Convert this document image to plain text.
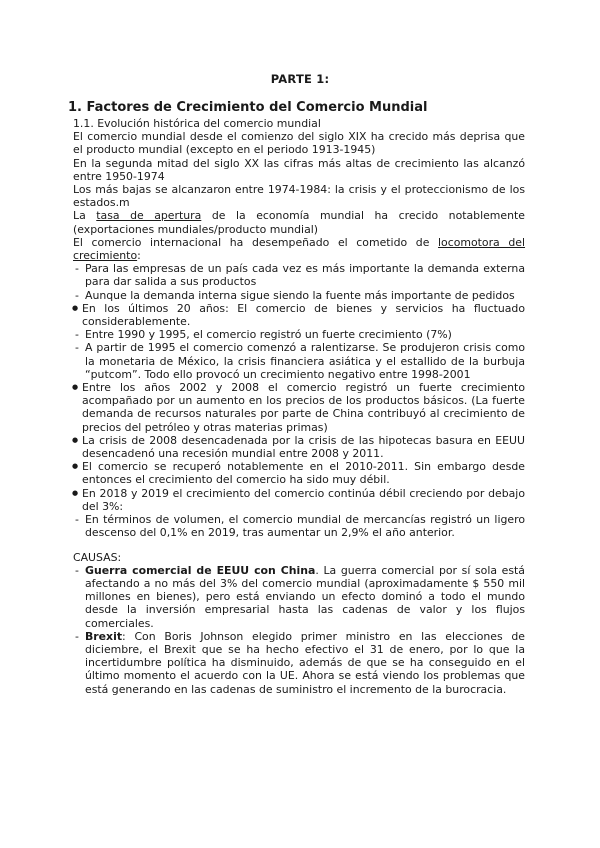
PARTE 1:
1. Factores de Crecimiento del Comercio Mundial

1.1. Evolución histórica del comercio mundial

El comercio mundial desde el comienzo del siglo XIX ha crecido más deprisa que el producto mundial (excepto en el periodo 1913-1945)

En la segunda mitad del siglo XX las cifras más altas de crecimiento las alcanzó entre 1950-1974

Los más bajas se alcanzaron entre 1974-1984: la crisis y el proteccionismo de los estados.m

La tasa de apertura de la economía mundial ha crecido notablemente (exportaciones mundiales/producto mundial)

El comercio internacional ha desempeñado el cometido de locomotora del crecimiento:

- Para las empresas de un país cada vez es más importante la demanda externa para dar salida a sus productos

- Aunque la demanda interna sigue siendo la fuente más importante de pedidos

● En los últimos 20 años: El comercio de bienes y servicios ha fluctuado considerablemente.

- Entre 1990 y 1995, el comercio registró un fuerte crecimiento (7%)

- A partir de 1995 el comercio comenzó a ralentizarse. Se produjeron crisis como la monetaria de México, la crisis financiera asiática y el estallido de la burbuja “putcom”. Todo ello provocó un crecimiento negativo entre 1998-2001

● Entre los años 2002 y 2008 el comercio registró un fuerte crecimiento acompañado por un aumento en los precios de los productos básicos. (La fuerte demanda de recursos naturales por parte de China contribuyó al crecimiento de precios del petróleo y otras materias primas)

● La crisis de 2008 desencadenada por la crisis de las hipotecas basura en EEUU desencadenó una recesión mundial entre 2008 y 2011.

● El comercio se recuperó notablemente en el 2010-2011. Sin embargo desde entonces el crecimiento del comercio ha sido muy débil.

● En 2018 y 2019 el crecimiento del comercio continúa débil creciendo por debajo del 3%:

- En términos de volumen, el comercio mundial de mercancías registró un ligero descenso del 0,1% en 2019, tras aumentar un 2,9% el año anterior.

CAUSAS:

- Guerra comercial de EEUU con China. La guerra comercial por sí sola está afectando a no más del 3% del comercio mundial (aproximadamente $ 550 mil millones en bienes), pero está enviando un efecto dominó a todo el mundo desde la inversión empresarial hasta las cadenas de valor y los flujos comerciales.

- Brexit: Con Boris Johnson elegido primer ministro en las elecciones de diciembre, el Brexit que se ha hecho efectivo el 31 de enero, por lo que la incertidumbre política ha disminuido, además de que se ha conseguido en el último momento el acuerdo con la UE. Ahora se está viendo los problemas que está generando en las cadenas de suministro el incremento de la burocracia.
